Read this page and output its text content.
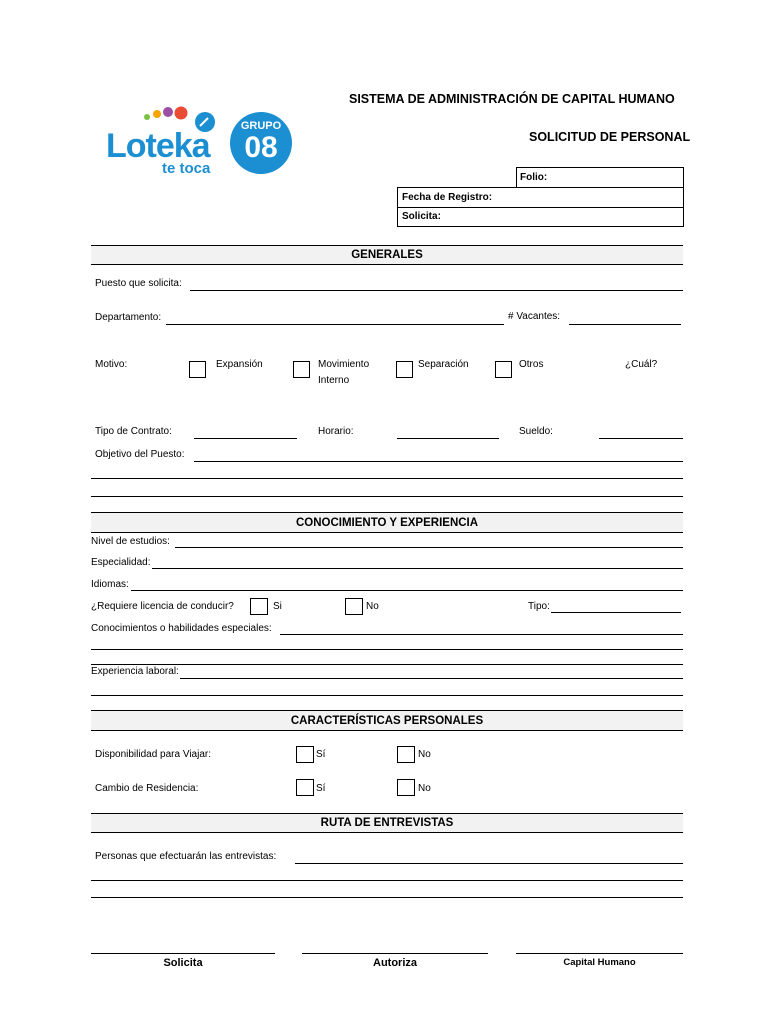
Loteka
te toca
GRUPO
08
SISTEMA DE ADMINISTRACIÓN DE CAPITAL HUMANO
SOLICITUD DE PERSONAL
Folio:
Fecha de Registro:
Solicita:
GENERALES
Puesto que solicita:
Departamento:	# Vacantes:
Motivo:	Expansión	Movimiento
Interno
Separación	Otros	¿Cuál?
Tipo de Contrato:	Horario:	Sueldo:
Objetivo del Puesto:
CONOCIMIENTO Y EXPERIENCIA
Nivel de estudios:
Especialidad:
Idiomas:
¿Requiere licencia de conducir?	Si	No	Tipo:
Conocimientos o habilidades especiales:
Experiencia laboral:
CARACTERÍSTICAS PERSONALES
Disponibilidad para Viajar:	Sí	No
Cambio de Residencia:	Sí	No
RUTA DE ENTREVISTAS
Personas que efectuarán las entrevistas:
Solicita	Autoriza	Capital Humano
